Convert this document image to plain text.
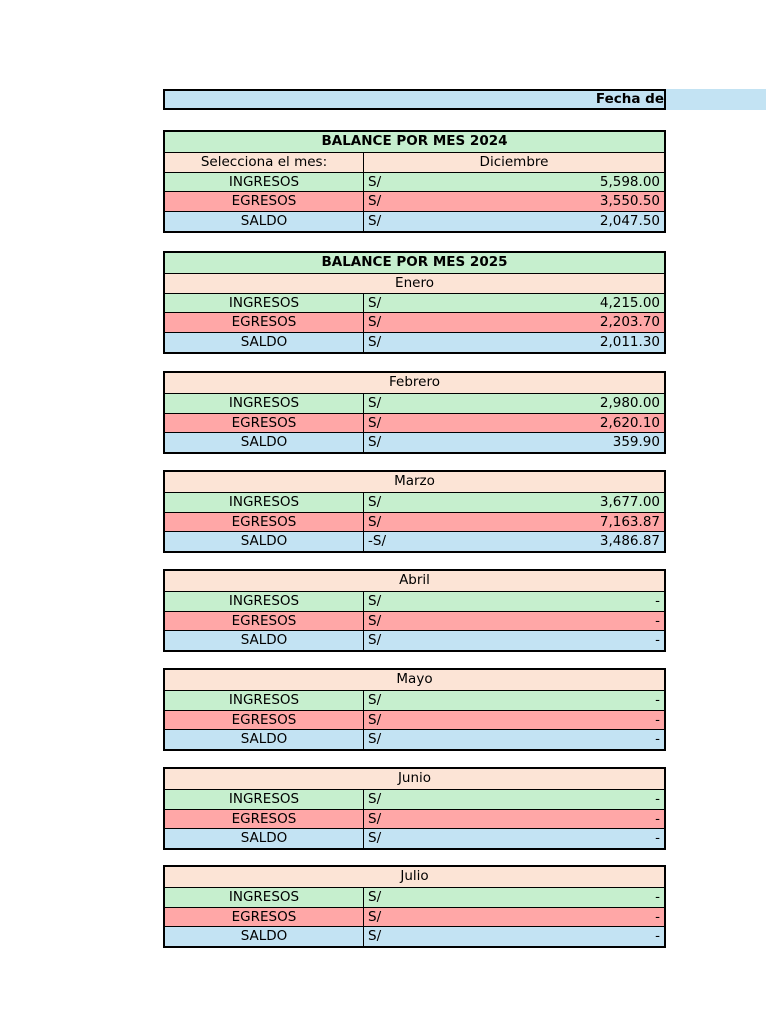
Fecha de
BALANCE POR MES 2024
Selecciona el mes:	Diciembre
INGRESOS	S/	5,598.00
EGRESOS	S/	3,550.50
SALDO	S/	2,047.50
BALANCE POR MES 2025
Enero
INGRESOS	S/	4,215.00
EGRESOS	S/	2,203.70
SALDO	S/	2,011.30
Febrero
INGRESOS	S/	2,980.00
EGRESOS	S/	2,620.10
SALDO	S/	359.90
Marzo
INGRESOS	S/	3,677.00
EGRESOS	S/	7,163.87
SALDO	-S/	3,486.87
Abril
INGRESOS	S/	-
EGRESOS	S/	-
SALDO	S/	-
Mayo
INGRESOS	S/	-
EGRESOS	S/	-
SALDO	S/	-
Junio
INGRESOS	S/	-
EGRESOS	S/	-
SALDO	S/	-
Julio
INGRESOS	S/	-
EGRESOS	S/	-
SALDO	S/	-
